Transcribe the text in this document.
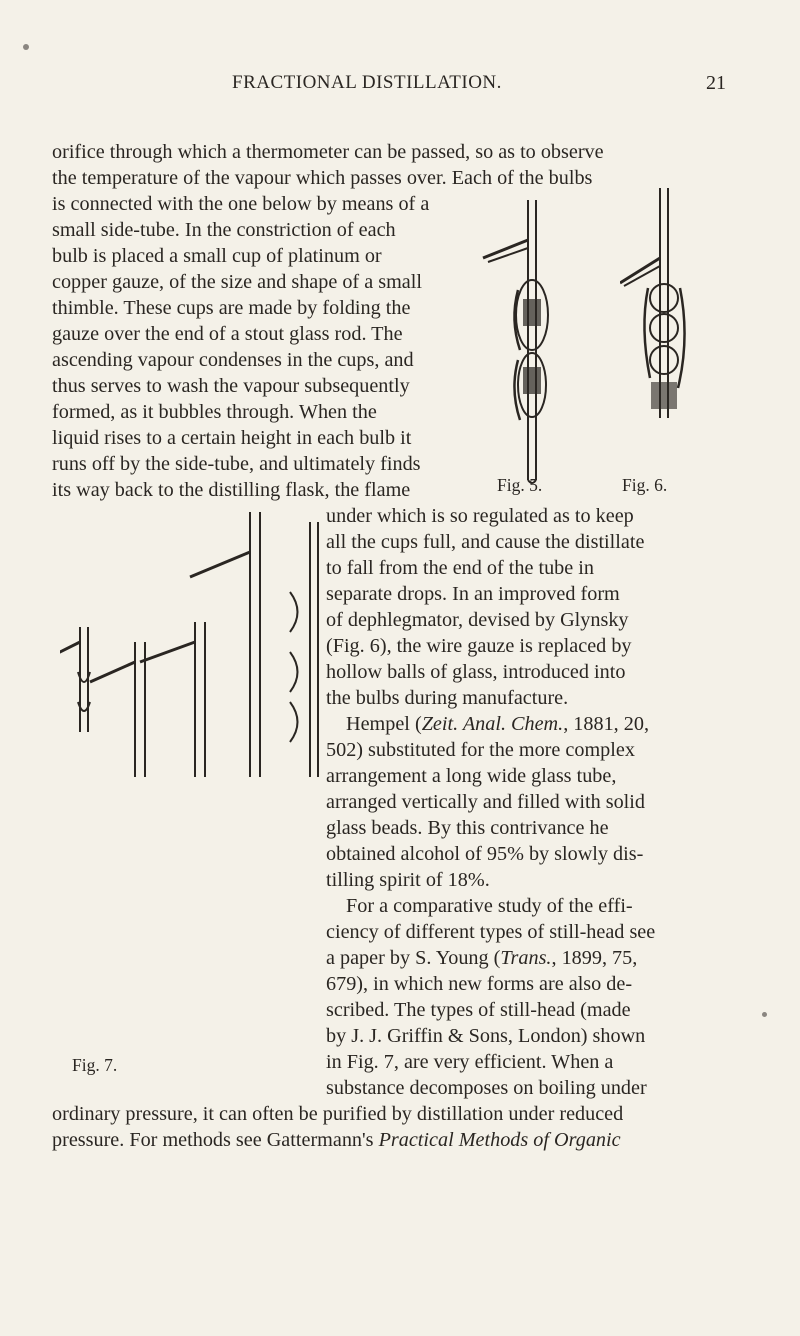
FRACTIONAL DISTILLATION.	21
orifice through which a thermometer can be passed, so as to observe
the temperature of the vapour which passes over. Each of the bulbs
is connected with the one below by means of a
small side-tube. In the constriction of each
bulb is placed a small cup of platinum or
copper gauze, of the size and shape of a small
thimble. These cups are made by folding the
gauze over the end of a stout glass rod. The
ascending vapour condenses in the cups, and
thus serves to wash the vapour subsequently
formed, as it bubbles through. When the
liquid rises to a certain height in each bulb it
runs off by the side-tube, and ultimately finds
its way back to the distilling flask, the flame
under which is so regulated as to keep
all the cups full, and cause the distillate
to fall from the end of the tube in
separate drops. In an improved form
of dephlegmator, devised by Glynsky
(Fig. 6), the wire gauze is replaced by
hollow balls of glass, introduced into
the bulbs during manufacture.
Hempel (Zeit. Anal. Chem., 1881, 20,
502) substituted for the more complex
arrangement a long wide glass tube,
arranged vertically and filled with solid
glass beads. By this contrivance he
obtained alcohol of 95% by slowly dis-
tilling spirit of 18%.
For a comparative study of the effi-
ciency of different types of still-head see
a paper by S. Young (Trans., 1899, 75,
679), in which new forms are also de-
scribed. The types of still-head (made
by J. J. Griffin & Sons, London) shown
in Fig. 7, are very efficient. When a
substance decomposes on boiling under
ordinary pressure, it can often be purified by distillation under reduced
pressure. For methods see Gattermann's Practical Methods of Organic
Fig. 5.	Fig. 6.
Fig. 7.
